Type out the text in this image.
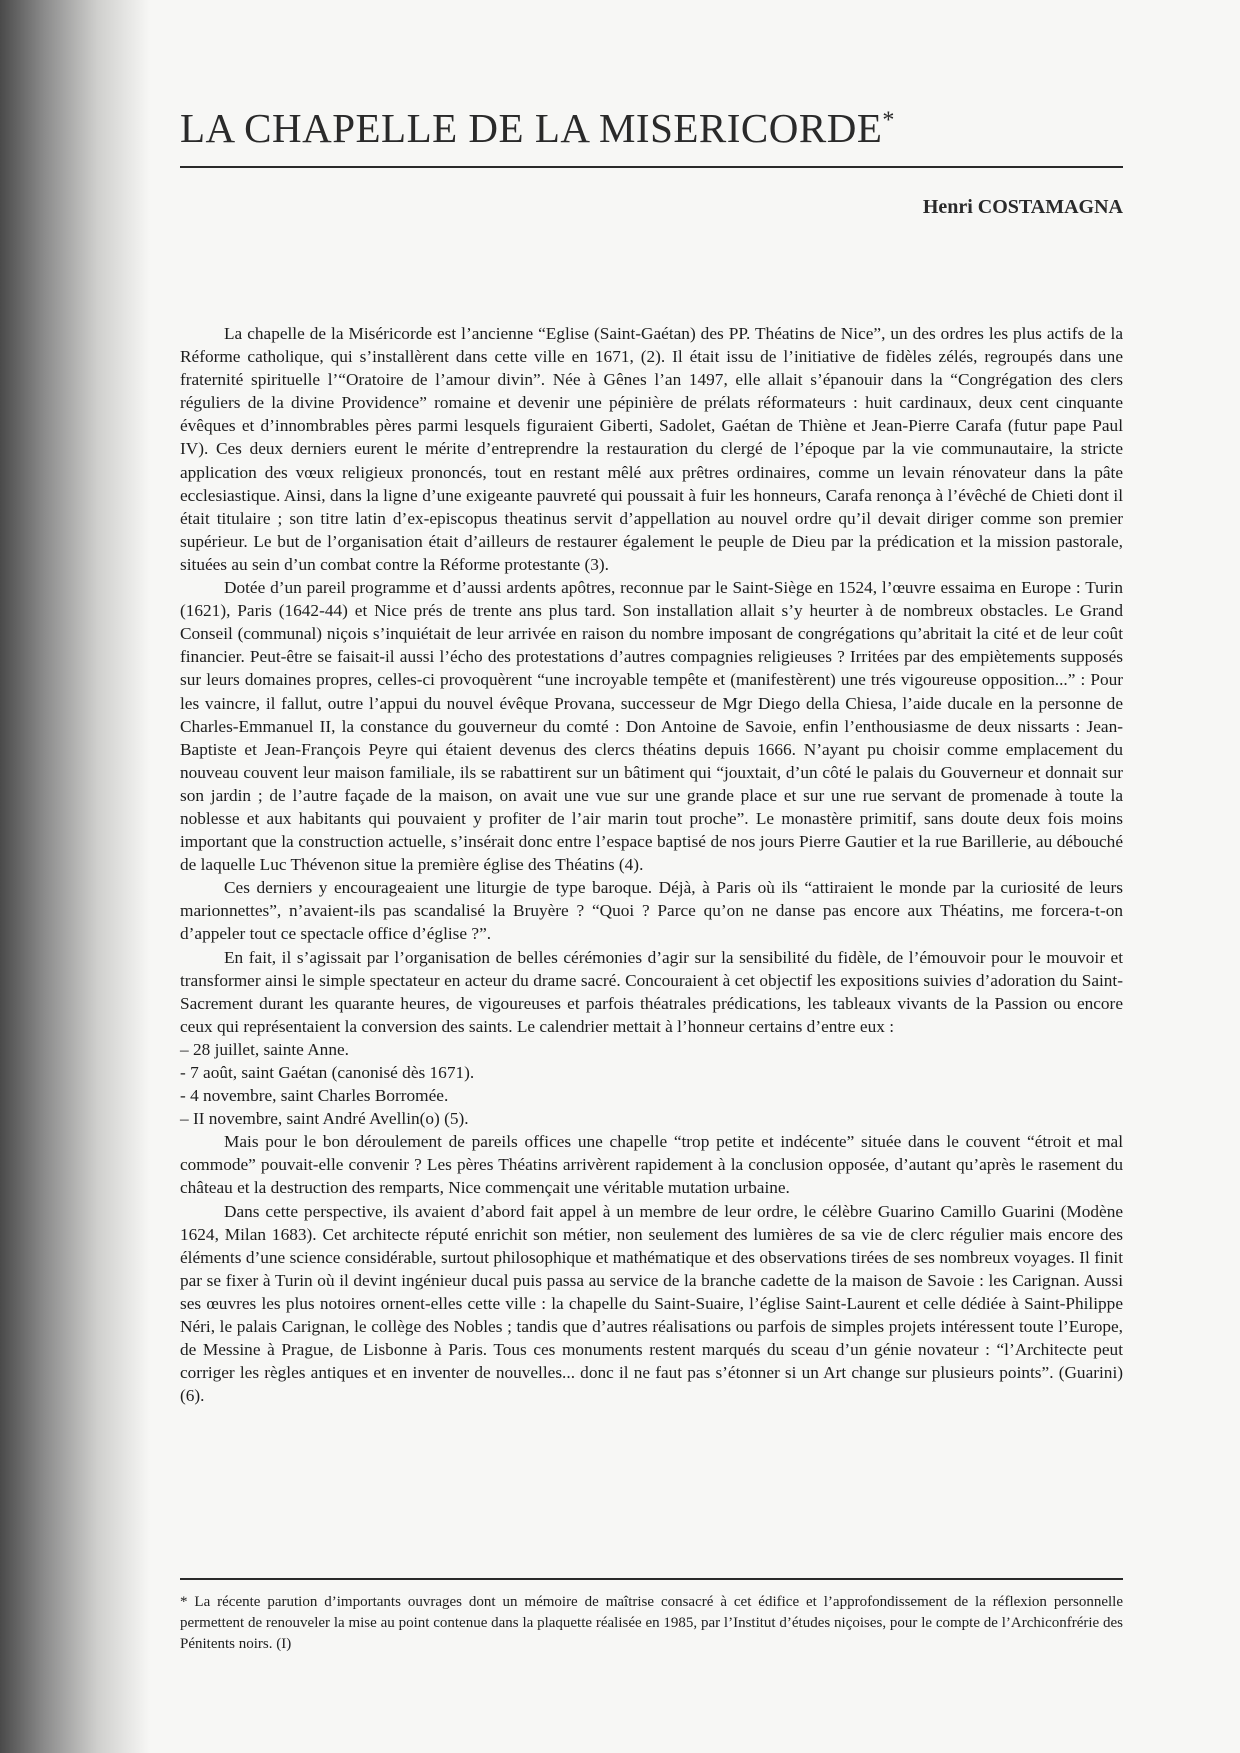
LA CHAPELLE DE LA MISERICORDE*
Henri COSTAMAGNA

La chapelle de la Miséricorde est l’ancienne “Eglise (Saint-Gaétan) des PP. Théatins de Nice”, un des ordres les plus actifs de la Réforme catholique, qui s’installèrent dans cette ville en 1671, (2). Il était issu de l’initiative de fidèles zélés, regroupés dans une fraternité spirituelle l’“Oratoire de l’amour divin”. Née à Gênes l’an 1497, elle allait s’épanouir dans la “Congrégation des clers réguliers de la divine Providence” romaine et devenir une pépinière de prélats réformateurs : huit cardinaux, deux cent cinquante évêques et d’innombrables pères parmi lesquels figuraient Giberti, Sadolet, Gaétan de Thiène et Jean-Pierre Carafa (futur pape Paul IV). Ces deux derniers eurent le mérite d’entreprendre la restauration du clergé de l’époque par la vie communautaire, la stricte application des vœux religieux prononcés, tout en restant mêlé aux prêtres ordinaires, comme un levain rénovateur dans la pâte ecclesiastique. Ainsi, dans la ligne d’une exigeante pauvreté qui poussait à fuir les honneurs, Carafa renonça à l’évêché de Chieti dont il était titulaire ; son titre latin d’ex-episcopus theatinus servit d’appellation au nouvel ordre qu’il devait diriger comme son premier supérieur. Le but de l’organisation était d’ailleurs de restaurer également le peuple de Dieu par la prédication et la mission pastorale, situées au sein d’un combat contre la Réforme protestante (3).

Dotée d’un pareil programme et d’aussi ardents apôtres, reconnue par le Saint-Siège en 1524, l’œuvre essaima en Europe : Turin (1621), Paris (1642-44) et Nice prés de trente ans plus tard. Son installation allait s’y heurter à de nombreux obstacles. Le Grand Conseil (communal) niçois s’inquiétait de leur arrivée en raison du nombre imposant de congrégations qu’abritait la cité et de leur coût financier. Peut-être se faisait-il aussi l’écho des protestations d’autres compagnies religieuses ? Irritées par des empiètements supposés sur leurs domaines propres, celles-ci provoquèrent “une incroyable tempête et (manifestèrent) une trés vigoureuse opposition...” : Pour les vaincre, il fallut, outre l’appui du nouvel évêque Provana, successeur de Mgr Diego della Chiesa, l’aide ducale en la personne de Charles-Emmanuel II, la constance du gouverneur du comté : Don Antoine de Savoie, enfin l’enthousiasme de deux nissarts : Jean-Baptiste et Jean-François Peyre qui étaient devenus des clercs théatins depuis 1666. N’ayant pu choisir comme emplacement du nouveau couvent leur maison familiale, ils se rabattirent sur un bâtiment qui “jouxtait, d’un côté le palais du Gouverneur et donnait sur son jardin ; de l’autre façade de la maison, on avait une vue sur une grande place et sur une rue servant de promenade à toute la noblesse et aux habitants qui pouvaient y profiter de l’air marin tout proche”. Le monastère primitif, sans doute deux fois moins important que la construction actuelle, s’insérait donc entre l’espace baptisé de nos jours Pierre Gautier et la rue Barillerie, au débouché de laquelle Luc Thévenon situe la première église des Théatins (4).

Ces derniers y encourageaient une liturgie de type baroque. Déjà, à Paris où ils “attiraient le monde par la curiosité de leurs marionnettes”, n’avaient-ils pas scandalisé la Bruyère ? “Quoi ? Parce qu’on ne danse pas encore aux Théatins, me forcera-t-on d’appeler tout ce spectacle office d’église ?”.

En fait, il s’agissait par l’organisation de belles cérémonies d’agir sur la sensibilité du fidèle, de l’émouvoir pour le mouvoir et transformer ainsi le simple spectateur en acteur du drame sacré. Concouraient à cet objectif les expositions suivies d’adoration du Saint-Sacrement durant les quarante heures, de vigoureuses et parfois théatrales prédications, les tableaux vivants de la Passion ou encore ceux qui représentaient la conversion des saints. Le calendrier mettait à l’honneur certains d’entre eux :

– 28 juillet, sainte Anne.
- 7 août, saint Gaétan (canonisé dès 1671).
- 4 novembre, saint Charles Borromée.
– II novembre, saint André Avellin(o) (5).

Mais pour le bon déroulement de pareils offices une chapelle “trop petite et indécente” située dans le couvent “étroit et mal commode” pouvait-elle convenir ? Les pères Théatins arrivèrent rapidement à la conclusion opposée, d’autant qu’après le rasement du château et la destruction des remparts, Nice commençait une véritable mutation urbaine.

Dans cette perspective, ils avaient d’abord fait appel à un membre de leur ordre, le célèbre Guarino Camillo Guarini (Modène 1624, Milan 1683). Cet architecte réputé enrichit son métier, non seulement des lumières de sa vie de clerc régulier mais encore des éléments d’une science considérable, surtout philosophique et mathématique et des observations tirées de ses nombreux voyages. Il finit par se fixer à Turin où il devint ingénieur ducal puis passa au service de la branche cadette de la maison de Savoie : les Carignan. Aussi ses œuvres les plus notoires ornent-elles cette ville : la chapelle du Saint-Suaire, l’église Saint-Laurent et celle dédiée à Saint-Philippe Néri, le palais Carignan, le collège des Nobles ; tandis que d’autres réalisations ou parfois de simples projets intéressent toute l’Europe, de Messine à Prague, de Lisbonne à Paris. Tous ces monuments restent marqués du sceau d’un génie novateur : “l’Architecte peut corriger les règles antiques et en inventer de nouvelles... donc il ne faut pas s’étonner si un Art change sur plusieurs points”. (Guarini) (6).

* La récente parution d’importants ouvrages dont un mémoire de maîtrise consacré à cet édifice et l’approfondissement de la réflexion personnelle permettent de renouveler la mise au point contenue dans la plaquette réalisée en 1985, par l’Institut d’études niçoises, pour le compte de l’Archiconfrérie des Pénitents noirs. (I)
